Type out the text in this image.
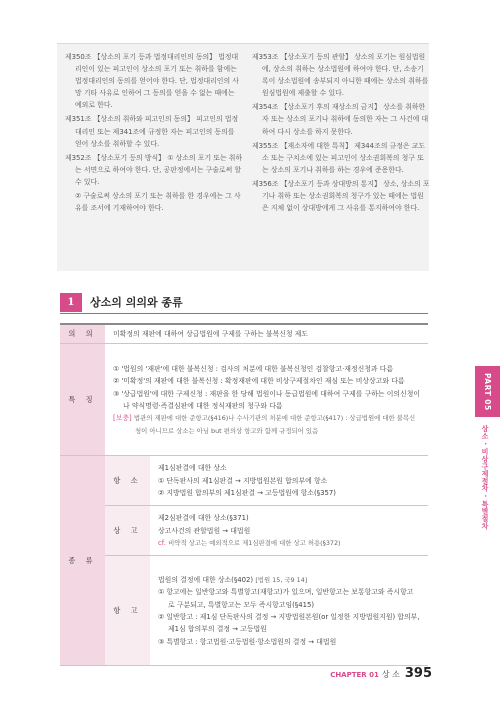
제350조 【상소의 포기 등과 법정대리인의 동의】 법정대리인이 있는 피고인이 상소의 포기 또는 취하를 함에는 법정대리인의 동의를 얻어야 한다. 단, 법정대리인의 사망 기타 사유로 인하여 그 동의를 얻을 수 없는 때에는 예외로 한다.

제351조 【상소의 취하와 피고인의 동의】 피고인의 법정대리인 또는 제341조에 규정한 자는 피고인의 동의를 얻어 상소를 취하할 수 있다.

제352조 【상소포기 등의 방식】 ① 상소의 포기 또는 취하는 서면으로 하여야 한다. 단, 공판정에서는 구술로써 할 수 있다.

② 구술로써 상소의 포기 또는 취하를 한 경우에는 그 사유를 조서에 기재하여야 한다.

제353조 【상소포기 등의 관할】 상소의 포기는 원심법원에, 상소의 취하는 상소법원에 하여야 한다. 단, 소송기록이 상소법원에 송부되지 아니한 때에는 상소의 취하를 원심법원에 제출할 수 있다.

제354조 【상소포기 후의 재상소의 금지】 상소를 취하한 자 또는 상소의 포기나 취하에 동의한 자는 그 사건에 대하여 다시 상소를 하지 못한다.

제355조 【재소자에 대한 특칙】 제344조의 규정은 교도소 또는 구치소에 있는 피고인이 상소권회복의 청구 또는 상소의 포기나 취하를 하는 경우에 준용한다.

제356조 【상소포기 등과 상대방의 통지】 상소, 상소의 포기나 취하 또는 상소권회복의 청구가 있는 때에는 법원은 지체 없이 상대방에게 그 사유를 통지하여야 한다.

1	상소의 의의와 종류
의 의	미확정의 재판에 대하여 상급법원에 구제를 구하는 불복신청 제도	
특 징	① '법원의 '재판'에 대한 불복신청 : 검사의 처분에 대한 불복신청인 검찰항고·재정신청과 다름
② '미확정'의 재판에 대한 불복신청 : 확정재판에 대한 비상구제절차인 재심 또는 비상상고와 다름
③ '상급법원'에 대한 구제신청 : 재판을 한 당해 법원이나 동급법원에 대하여 구제를 구하는 이의신청이나 약식명령·즉결심판에 대한 정식재판의 청구와 다름
[보충] 법관의 재판에 대한 준항고(§416)나 수사기관의 처분에 대한 준항고(§417) : 상급법원에 대한 불복신청이 아니므로 상소는 아님 but 편의상 항고와 함께 규정되어 있음	

종 류	항 소	제1심판결에 대한 상소
① 단독판사의 제1심판결 → 지방법원본원 합의부에 항소
② 지방법원 합의부의 제1심판결 → 고등법원에 항소(§357)

	상 고	제2심판결에 대한 상소(§371)
상고사건의 관할법원 → 대법원
cf. 비약적 상고는 예외적으로 제1심판결에 대한 상고 허용(§372)

	항 고	법원의 결정에 대한 상소(§402) [법원 15, 국9 14]
① 항고에는 일반항고와 특별항고(재항고)가 있으며, 일반항고는 보통항고와 즉시항고로 구분되고, 특별항고는 모두 즉시항고임(§415)
② 일반항고 : 제1심 단독판사의 결정 → 지방법원본원(or 일정한 지방법원지원) 합의부, 제1심 합의부의 결정 → 고등법원
③ 특별항고 : 항고법원·고등법원·항소법원의 결정 → 대법원
PART 05
상소 · 비상구제절차 · 특별절차
CHAPTER 01 상 소 395
